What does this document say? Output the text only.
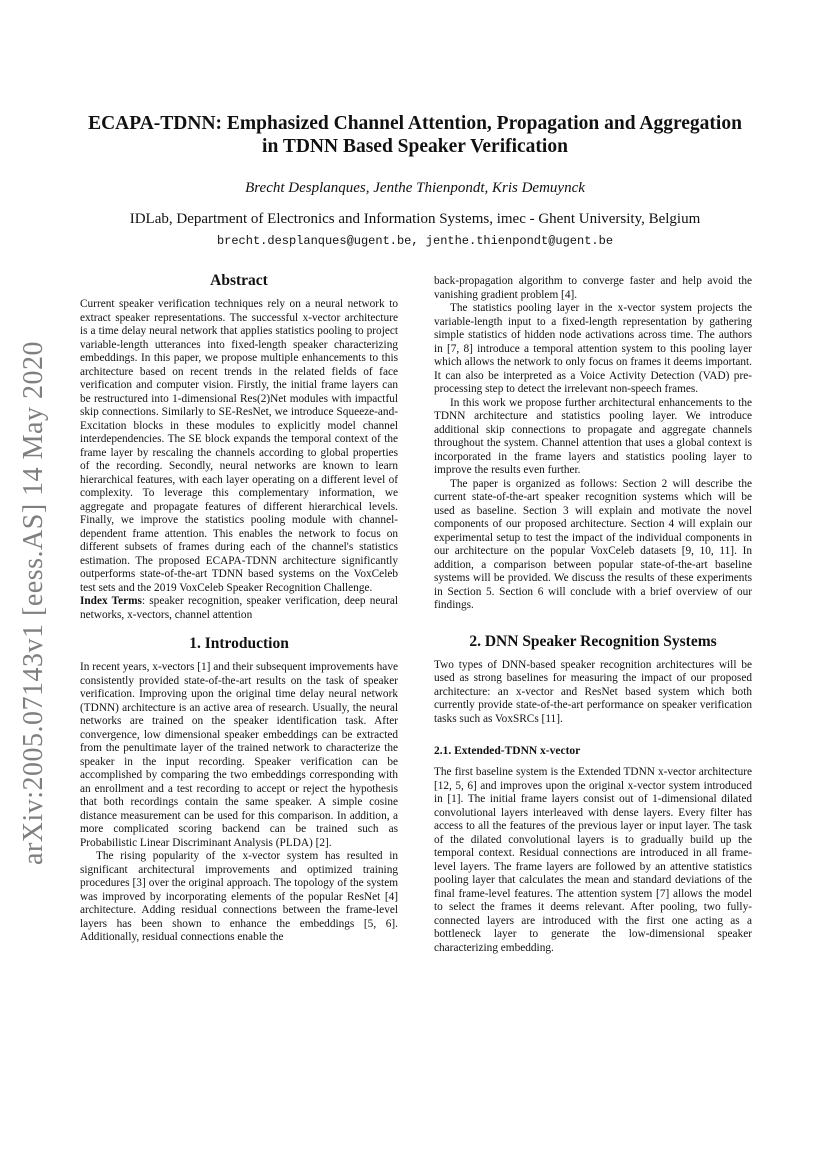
arXiv:2005.07143v1 [eess.AS] 14 May 2020
ECAPA-TDNN: Emphasized Channel Attention, Propagation and Aggregation
in TDNN Based Speaker Verification

Brecht Desplanques, Jenthe Thienpondt, Kris Demuynck

IDLab, Department of Electronics and Information Systems, imec - Ghent University, Belgium

brecht.desplanques@ugent.be, jenthe.thienpondt@ugent.be

Abstract

Current speaker verification techniques rely on a neural network to extract speaker representations. The successful x-vector architecture is a time delay neural network that applies statistics pooling to project variable-length utterances into fixed-length speaker characterizing embeddings. In this paper, we propose multiple enhancements to this architecture based on recent trends in the related fields of face verification and computer vision. Firstly, the initial frame layers can be restructured into 1-dimensional Res(2)Net modules with impactful skip connections. Similarly to SE-ResNet, we introduce Squeeze-and-Excitation blocks in these modules to explicitly model channel interdependencies. The SE block expands the temporal context of the frame layer by rescaling the channels according to global properties of the recording. Secondly, neural networks are known to learn hierarchical features, with each layer operating on a different level of complexity. To leverage this complementary information, we aggregate and propagate features of different hierarchical levels. Finally, we improve the statistics pooling module with channel-dependent frame attention. This enables the network to focus on different subsets of frames during each of the channel's statistics estimation. The proposed ECAPA-TDNN architecture significantly outperforms state-of-the-art TDNN based systems on the VoxCeleb test sets and the 2019 VoxCeleb Speaker Recognition Challenge.

Index Terms: speaker recognition, speaker verification, deep neural networks, x-vectors, channel attention

1. Introduction

In recent years, x-vectors [1] and their subsequent improvements have consistently provided state-of-the-art results on the task of speaker verification. Improving upon the original time delay neural network (TDNN) architecture is an active area of research. Usually, the neural networks are trained on the speaker identification task. After convergence, low dimensional speaker embeddings can be extracted from the penultimate layer of the trained network to characterize the speaker in the input recording. Speaker verification can be accomplished by comparing the two embeddings corresponding with an enrollment and a test recording to accept or reject the hypothesis that both recordings contain the same speaker. A simple cosine distance measurement can be used for this comparison. In addition, a more complicated scoring backend can be trained such as Probabilistic Linear Discriminant Analysis (PLDA) [2].

The rising popularity of the x-vector system has resulted in significant architectural improvements and optimized training procedures [3] over the original approach. The topology of the system was improved by incorporating elements of the popular ResNet [4] architecture. Adding residual connections between the frame-level layers has been shown to enhance the embeddings [5, 6]. Additionally, residual connections enable the

back-propagation algorithm to converge faster and help avoid the vanishing gradient problem [4].

The statistics pooling layer in the x-vector system projects the variable-length input to a fixed-length representation by gathering simple statistics of hidden node activations across time. The authors in [7, 8] introduce a temporal attention system to this pooling layer which allows the network to only focus on frames it deems important. It can also be interpreted as a Voice Activity Detection (VAD) pre-processing step to detect the irrelevant non-speech frames.

In this work we propose further architectural enhancements to the TDNN architecture and statistics pooling layer. We introduce additional skip connections to propagate and aggregate channels throughout the system. Channel attention that uses a global context is incorporated in the frame layers and statistics pooling layer to improve the results even further.

The paper is organized as follows: Section 2 will describe the current state-of-the-art speaker recognition systems which will be used as baseline. Section 3 will explain and motivate the novel components of our proposed architecture. Section 4 will explain our experimental setup to test the impact of the individual components in our architecture on the popular VoxCeleb datasets [9, 10, 11]. In addition, a comparison between popular state-of-the-art baseline systems will be provided. We discuss the results of these experiments in Section 5. Section 6 will conclude with a brief overview of our findings.

2. DNN Speaker Recognition Systems

Two types of DNN-based speaker recognition architectures will be used as strong baselines for measuring the impact of our proposed architecture: an x-vector and ResNet based system which both currently provide state-of-the-art performance on speaker verification tasks such as VoxSRCs [11].

2.1. Extended-TDNN x-vector

The first baseline system is the Extended TDNN x-vector architecture [12, 5, 6] and improves upon the original x-vector system introduced in [1]. The initial frame layers consist out of 1-dimensional dilated convolutional layers interleaved with dense layers. Every filter has access to all the features of the previous layer or input layer. The task of the dilated convolutional layers is to gradually build up the temporal context. Residual connections are introduced in all frame-level layers. The frame layers are followed by an attentive statistics pooling layer that calculates the mean and standard deviations of the final frame-level features. The attention system [7] allows the model to select the frames it deems relevant. After pooling, two fully-connected layers are introduced with the first one acting as a bottleneck layer to generate the low-dimensional speaker characterizing embedding.
